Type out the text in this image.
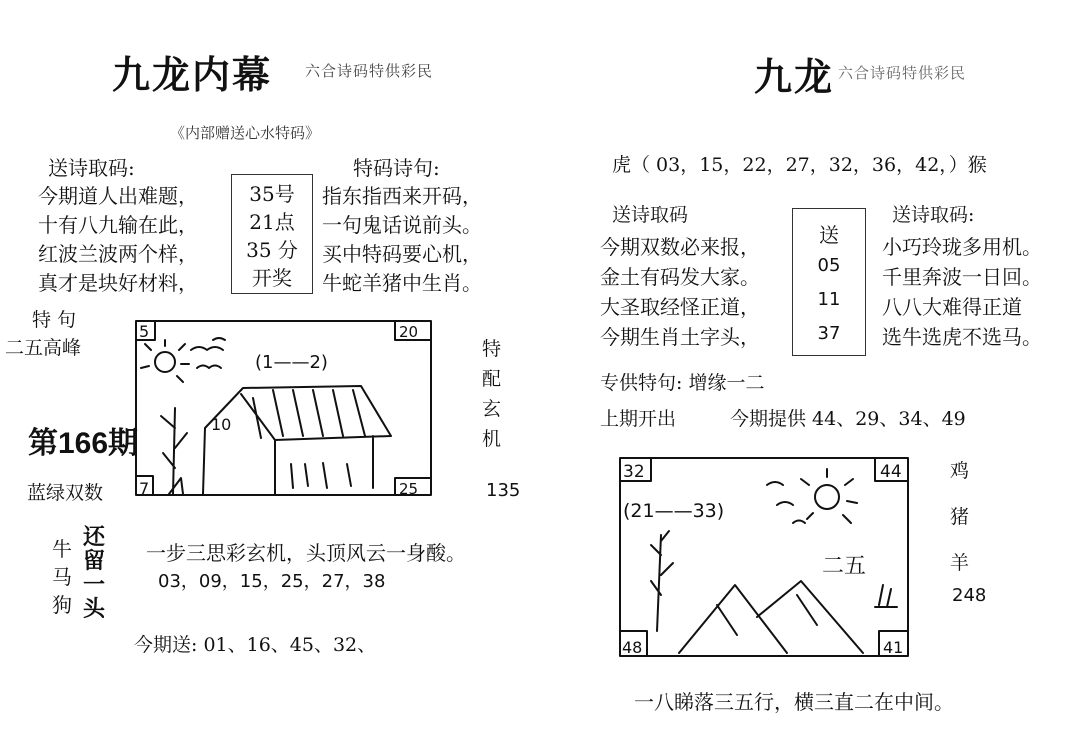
九龙内幕 六合诗码特供彩民
《内部赠送心水特码》
送诗取码:	特码诗句:
今期道人出难题，
十有八九输在此，
红波兰波两个样，
真才是块好材料，
35号
21点
35 分
开奖
指东指西来开码，
一句鬼话说前头。
买中特码要心机，
牛蛇羊猪中生肖。
特 句
二五高峰
第166期
蓝绿双数
5	20
7	25
(1——2)
10
特
配
玄
机
135
牛
马
狗
还
留
一
头
一步三思彩玄机，头顶风云一身酸。
03，09，15，25，27，38
今期送: 01、16、45、32、
九龙 六合诗码特供彩民
虎（ 03，15，22，27，32，36，42，）猴
送诗取码	送诗取码:
今期双数必来报，
金土有码发大家。
大圣取经怪正道，
今期生肖土字头，
送
05
11
37
小巧玲珑多用机。
千里奔波一日回。
八八大难得正道
选牛选虎不选马。
专供特句: 增缘一二
上期开出	今期提供 44、29、34、49
32	44
48	41
(21——33)
二五
鸡
猪
羊
248
一八睇落三五行，横三直二在中间。
